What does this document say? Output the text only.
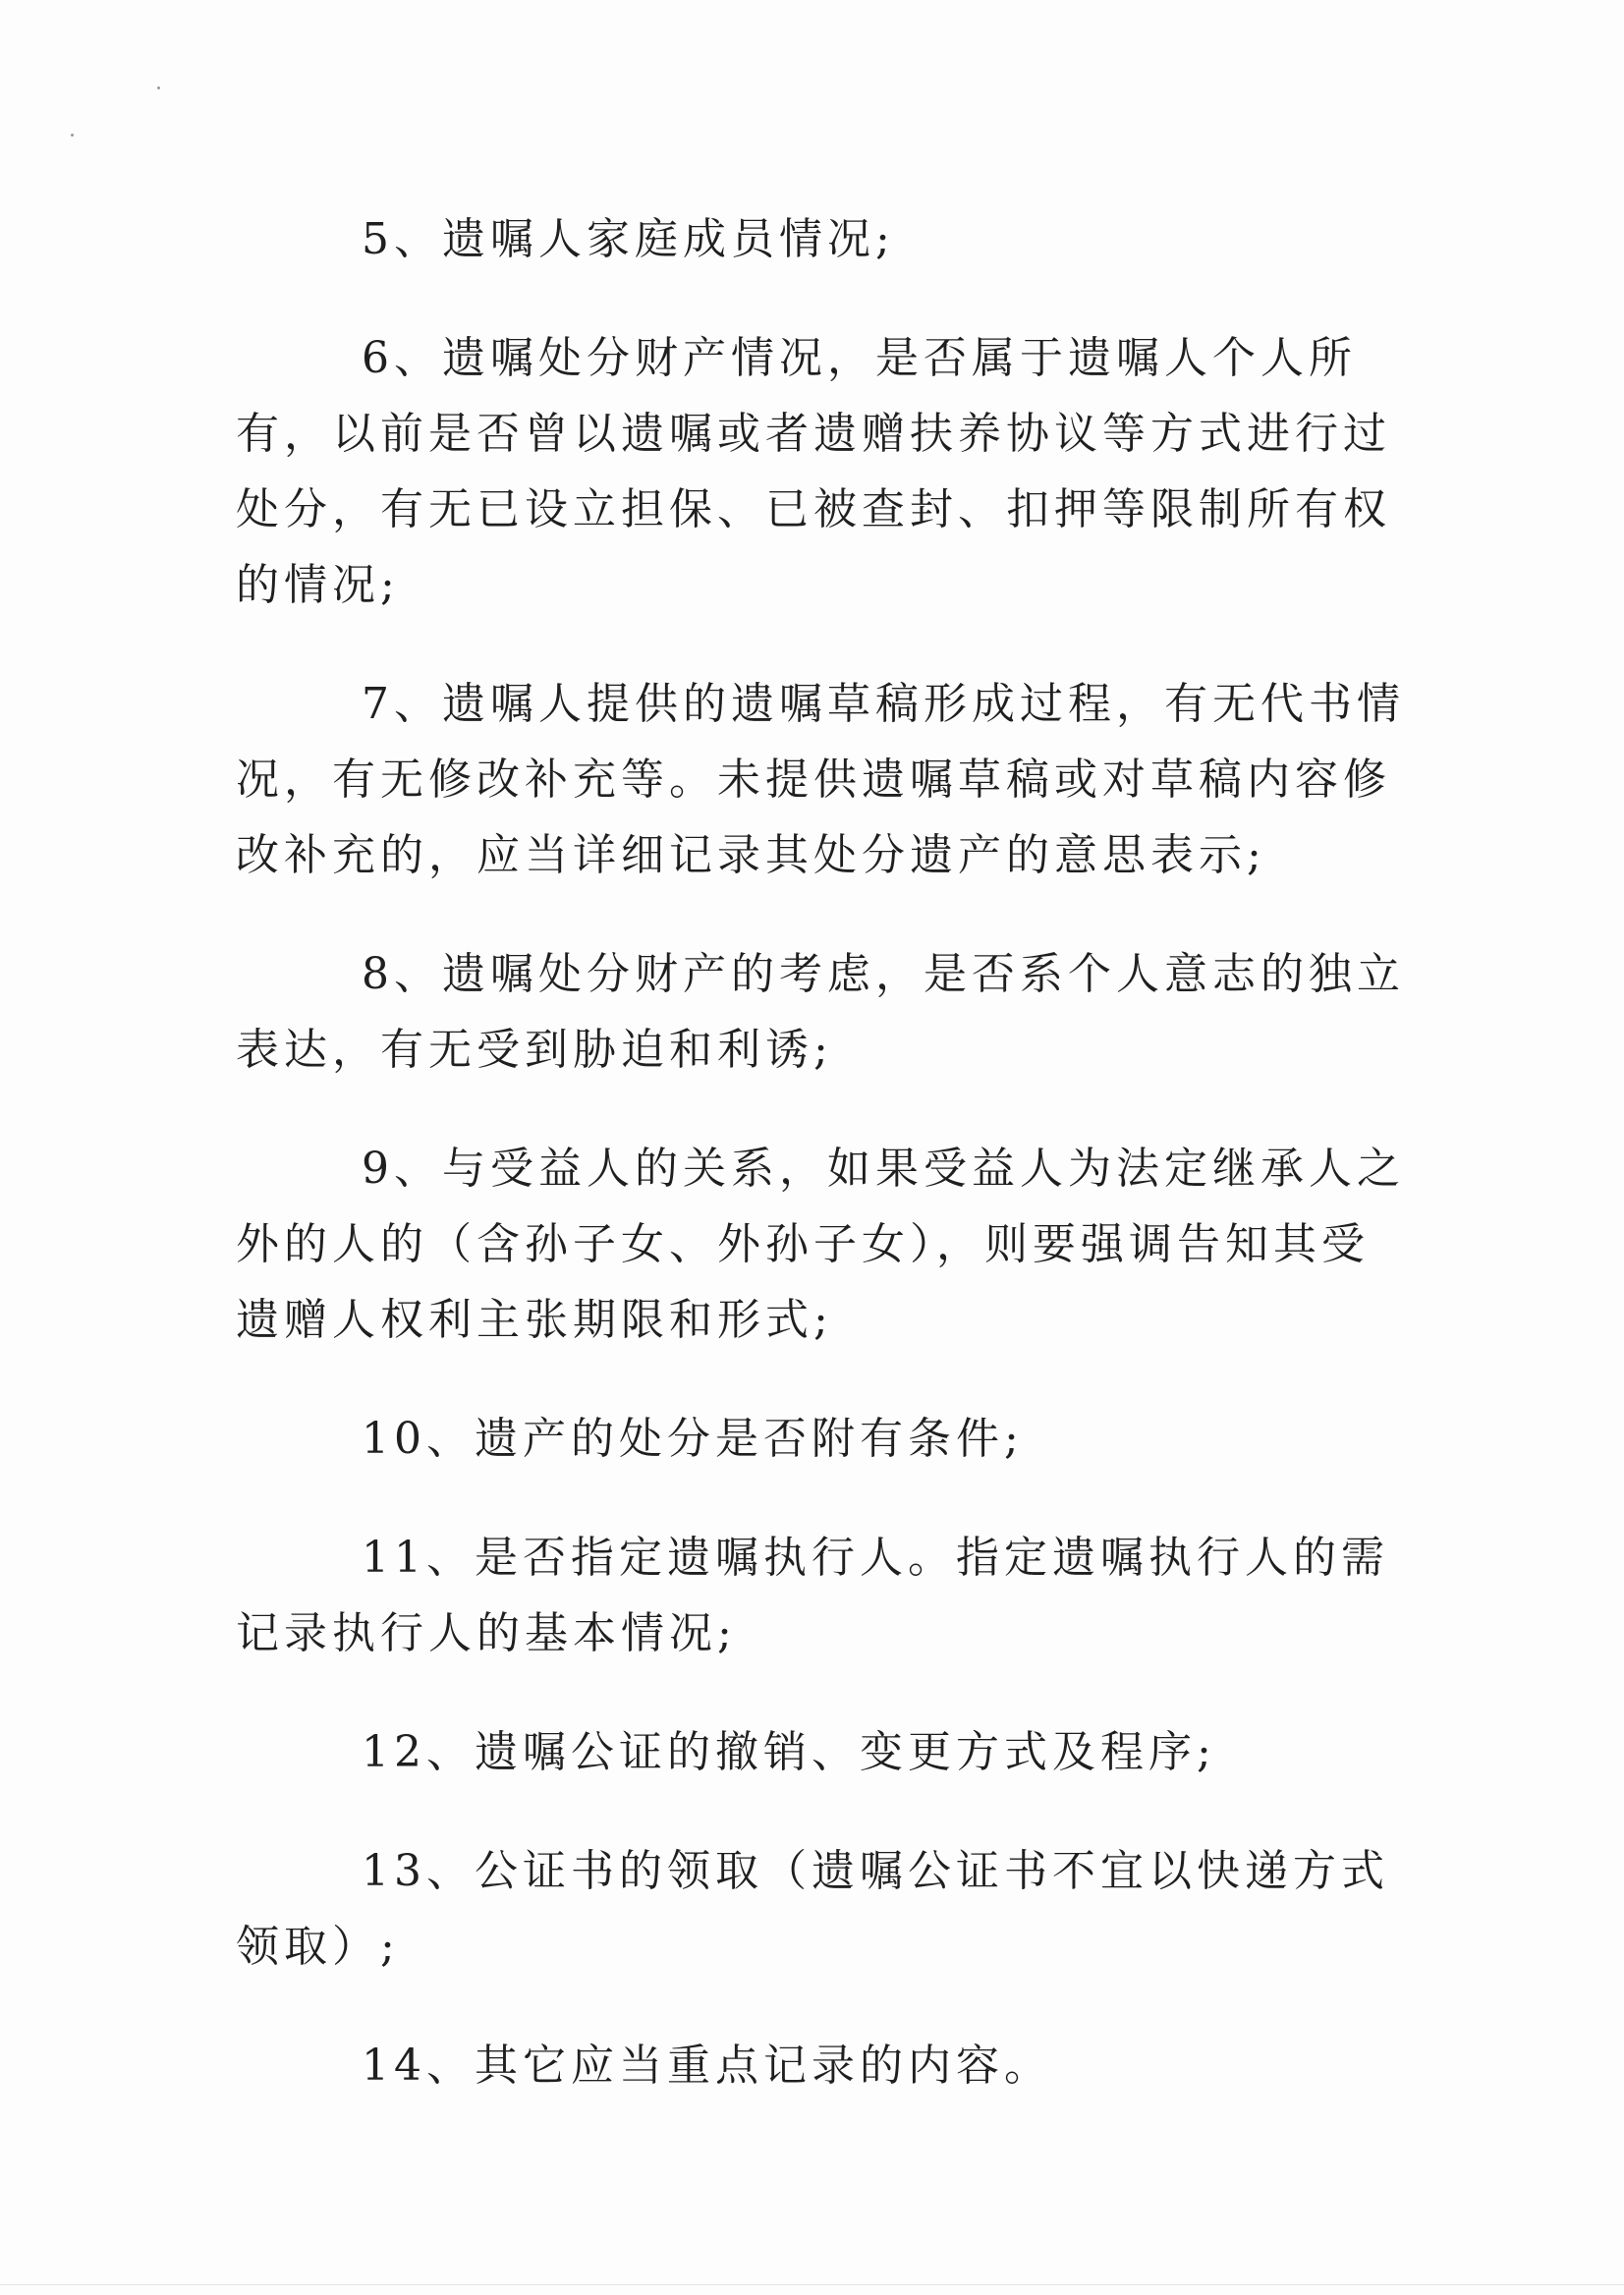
5、遗嘱人家庭成员情况;

6、遗嘱处分财产情况，是否属于遗嘱人个人所有，以前是否曾以遗嘱或者遗赠扶养协议等方式进行过处分，有无已设立担保、已被查封、扣押等限制所有权的情况;

7、遗嘱人提供的遗嘱草稿形成过程，有无代书情况，有无修改补充等。未提供遗嘱草稿或对草稿内容修改补充的，应当详细记录其处分遗产的意思表示;

8、遗嘱处分财产的考虑，是否系个人意志的独立表达，有无受到胁迫和利诱;

9、与受益人的关系，如果受益人为法定继承人之外的人的（含孙子女、外孙子女），则要强调告知其受遗赠人权利主张期限和形式;

10、遗产的处分是否附有条件;

11、是否指定遗嘱执行人。指定遗嘱执行人的需记录执行人的基本情况;

12、遗嘱公证的撤销、变更方式及程序;

13、公证书的领取（遗嘱公证书不宜以快递方式领取）;

14、其它应当重点记录的内容。
